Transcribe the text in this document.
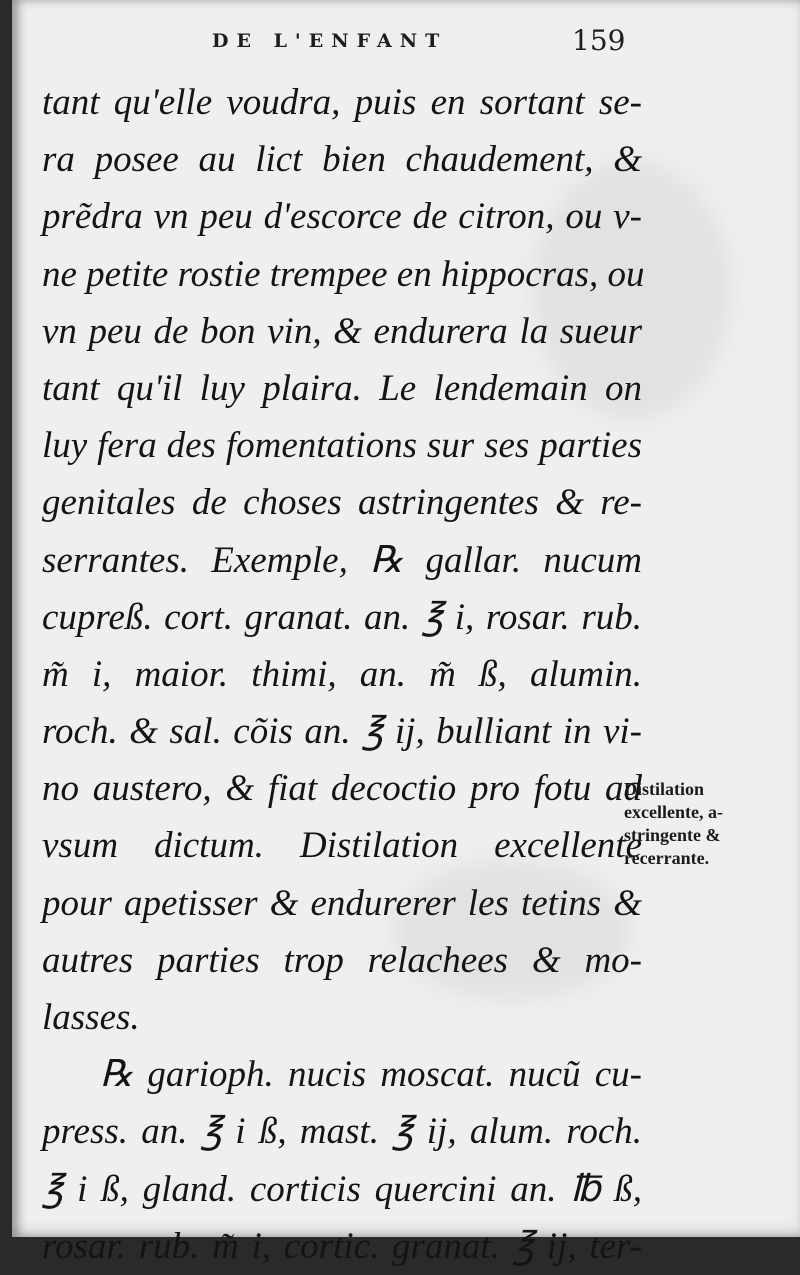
DE L'ENFANT	159
tant qu'elle voudra, puis en sortant se-
ra posee au lict bien chaudement, &
prẽdra vn peu d'escorce de citron, ou v-
ne petite rostie trempee en hippocras, ou
vn peu de bon vin, & endurera la sueur
tant qu'il luy plaira. Le lendemain on
luy fera des fomentations sur ses parties
genitales de choses astringentes & re-
serrantes. Exemple, ℞ gallar. nucum
cupreß. cort. granat. an. ℥ i, rosar. rub.
m̃ i, maior. thimi, an. m̃ ß, alumin.
roch. & sal. cõis an. ℥ ij, bulliant in vi-
no austero, & fiat decoctio pro fotu ad
vsum dictum. Distilation excellente
pour apetisser & endurerer les tetins &
autres parties trop relachees & mo-
lasses.
℞ garioph. nucis moscat. nucũ cu-
press. an. ℥ i ß, mast. ℥ ij, alum. roch.
℥ i ß, gland. corticis quercini an. ℔ ß,
rosar. rub. m̃ i, cortic. granat. ℥ ij, ter-
Distilation
excellente, a-
stringente &
recerrante.
